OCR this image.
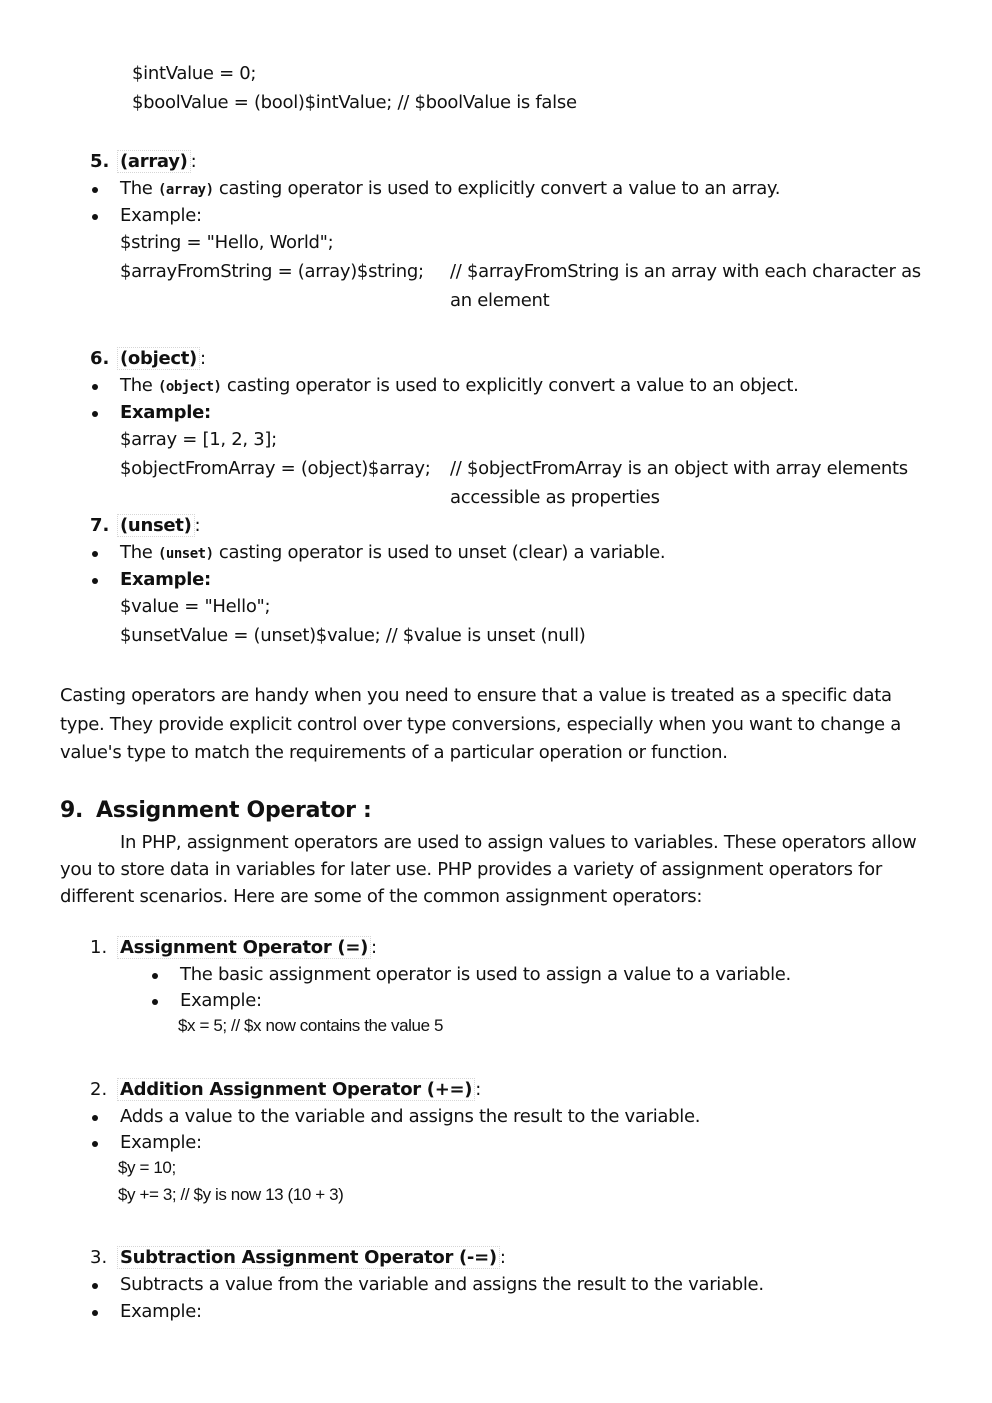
$intValue = 0;
$boolValue = (bool)$intValue; // $boolValue is false
5. (array) :
The (array) casting operator is used to explicitly convert a value to an array.
Example:
$string = "Hello, World";
$arrayFromString = (array)$string; // $arrayFromString is an array with each character as
an element
6. (object) :
The (object) casting operator is used to explicitly convert a value to an object.
Example:
$array = [1, 2, 3];
$objectFromArray = (object)$array; // $objectFromArray is an object with array elements
accessible as properties
7. (unset) :
The (unset) casting operator is used to unset (clear) a variable.
Example:
$value = "Hello";
$unsetValue = (unset)$value; // $value is unset (null)
Casting operators are handy when you need to ensure that a value is treated as a specific data
type. They provide explicit control over type conversions, especially when you want to change a
value's type to match the requirements of a particular operation or function.
9. Assignment Operator :
In PHP, assignment operators are used to assign values to variables. These operators allow
you to store data in variables for later use. PHP provides a variety of assignment operators for
different scenarios. Here are some of the common assignment operators:
1. Assignment Operator (=) :
The basic assignment operator is used to assign a value to a variable.
Example:
$x = 5; // $x now contains the value 5
2. Addition Assignment Operator (+=) :
Adds a value to the variable and assigns the result to the variable.
Example:
$y = 10;
$y += 3; // $y is now 13 (10 + 3)
3. Subtraction Assignment Operator (-=) :
Subtracts a value from the variable and assigns the result to the variable.
Example:
